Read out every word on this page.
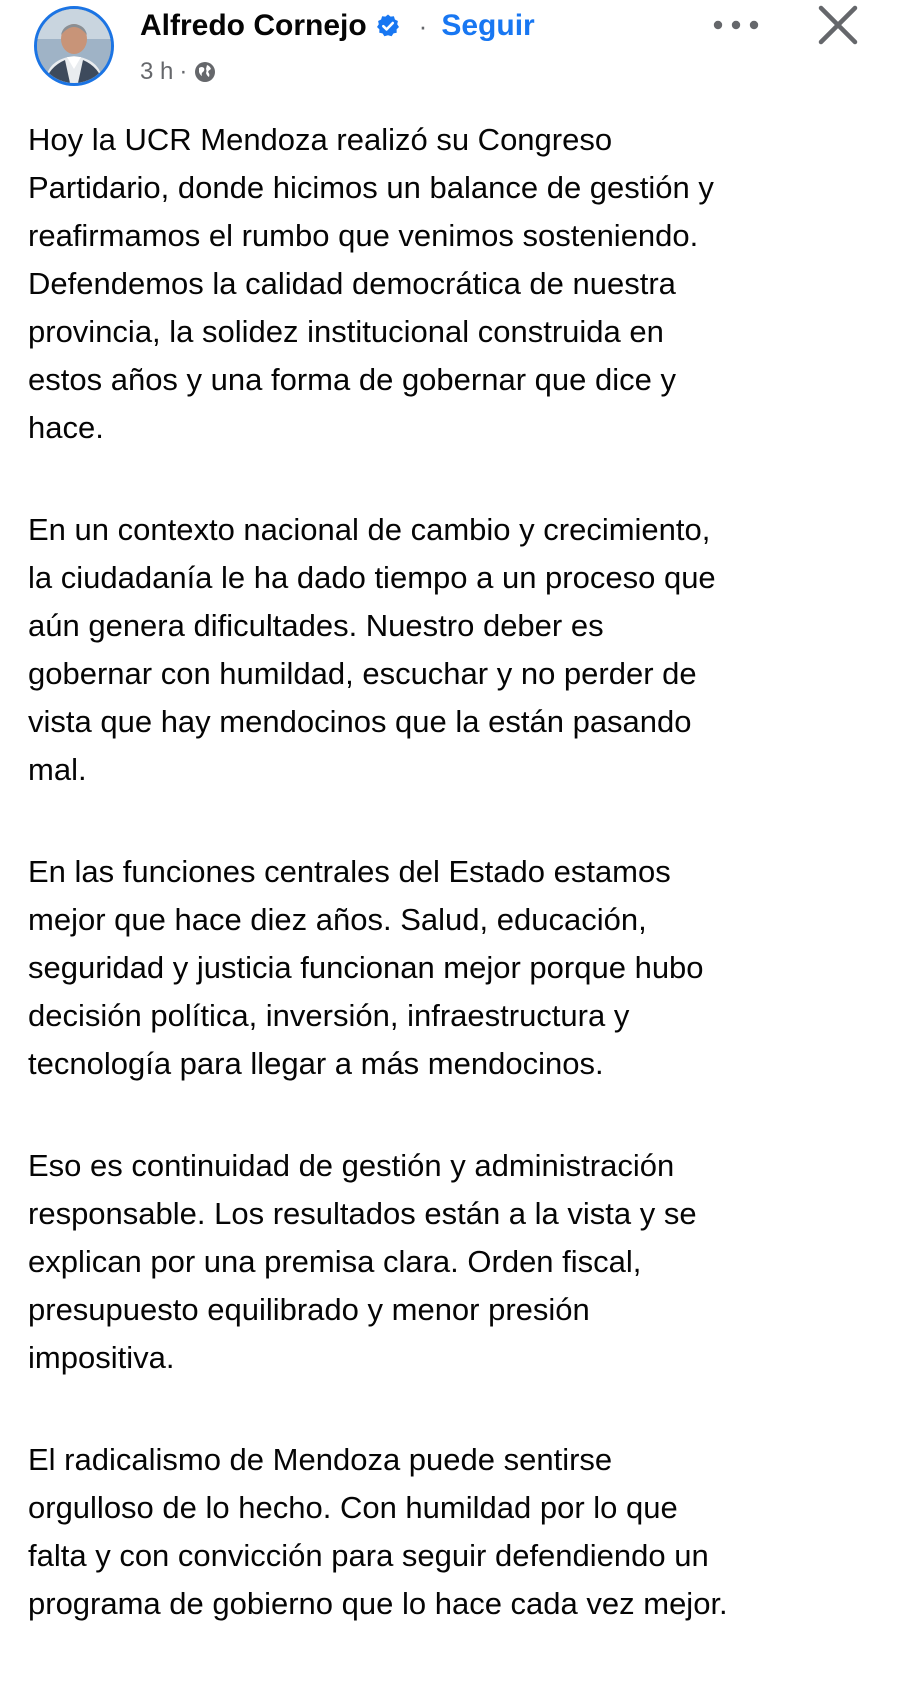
Alfredo Cornejo · Seguir
3 h ·

Hoy la UCR Mendoza realizó su Congreso
Partidario, donde hicimos un balance de gestión y
reafirmamos el rumbo que venimos sosteniendo.
Defendemos la calidad democrática de nuestra
provincia, la solidez institucional construida en
estos años y una forma de gobernar que dice y
hace.

En un contexto nacional de cambio y crecimiento,
la ciudadanía le ha dado tiempo a un proceso que
aún genera dificultades. Nuestro deber es
gobernar con humildad, escuchar y no perder de
vista que hay mendocinos que la están pasando
mal.

En las funciones centrales del Estado estamos
mejor que hace diez años. Salud, educación,
seguridad y justicia funcionan mejor porque hubo
decisión política, inversión, infraestructura y
tecnología para llegar a más mendocinos.

Eso es continuidad de gestión y administración
responsable. Los resultados están a la vista y se
explican por una premisa clara. Orden fiscal,
presupuesto equilibrado y menor presión
impositiva.

El radicalismo de Mendoza puede sentirse
orgulloso de lo hecho. Con humildad por lo que
falta y con convicción para seguir defendiendo un
programa de gobierno que lo hace cada vez mejor.
